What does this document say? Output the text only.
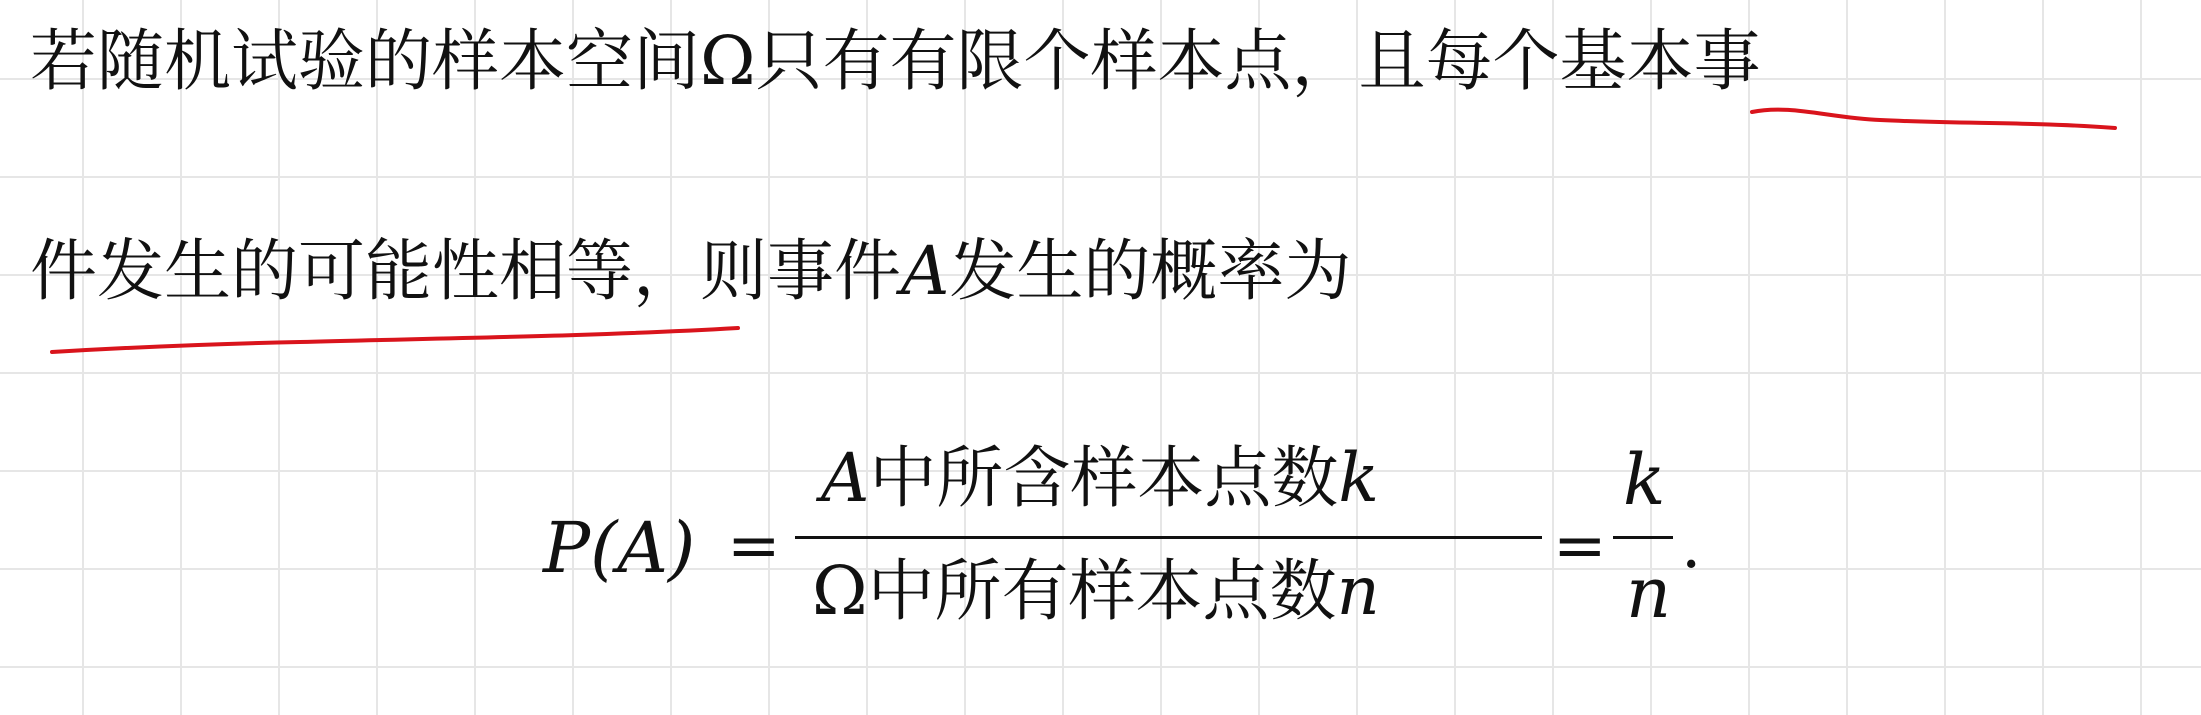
若随机试验的样本空间Ω只有有限个样本点，且每个基本事
件发生的可能性相等，则事件A发生的概率为
P(A) =
A中所含样本点数k
Ω中所有样本点数n
=
k
n
.
